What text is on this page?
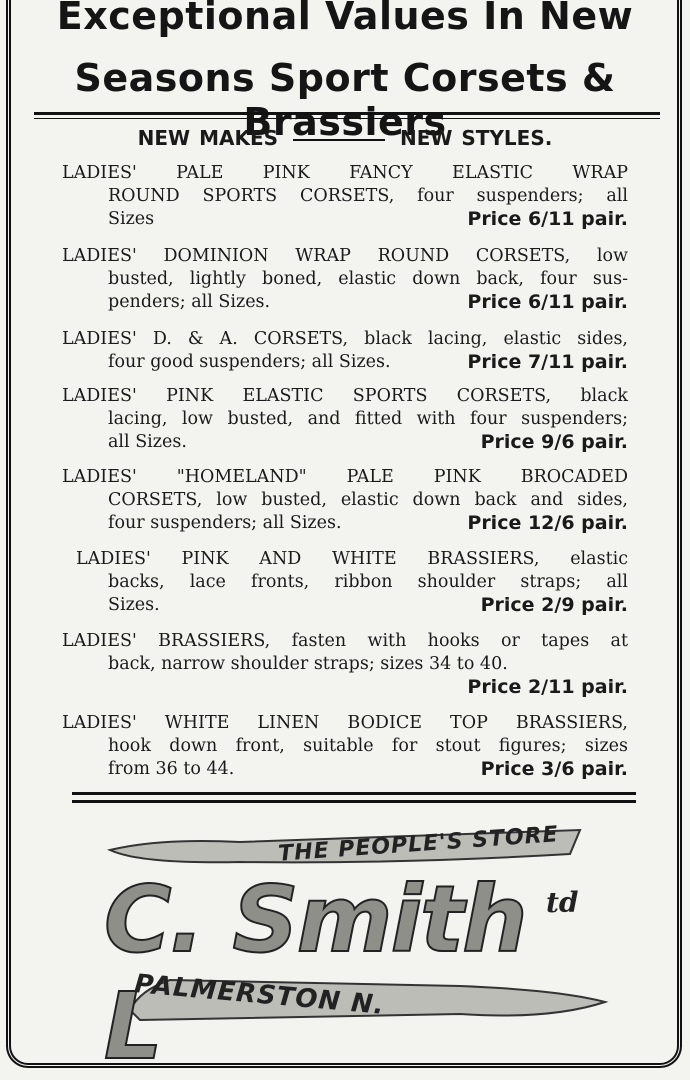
Exceptional Values In New
Seasons Sport Corsets & Brassiers
NEW MAKES	NEW STYLES.
LADIES' PALE PINK FANCY ELASTIC WRAP
ROUND SPORTS CORSETS, four suspenders; all
Sizes	Price 6/11 pair.
LADIES' DOMINION WRAP ROUND CORSETS, low
busted, lightly boned, elastic down back, four sus-
penders; all Sizes.	Price 6/11 pair.
LADIES' D. & A. CORSETS, black lacing, elastic sides,
four good suspenders; all Sizes.	Price 7/11 pair.
LADIES' PINK ELASTIC SPORTS CORSETS, black
lacing, low busted, and fitted with four suspenders;
all Sizes.	Price 9/6 pair.
LADIES' "HOMELAND" PALE PINK BROCADED
CORSETS, low busted, elastic down back and sides,
four suspenders; all Sizes.	Price 12/6 pair.
LADIES' PINK AND WHITE BRASSIERS, elastic
backs, lace fronts, ribbon shoulder straps; all
Sizes.	Price 2/9 pair.
LADIES' BRASSIERS, fasten with hooks or tapes at
back, narrow shoulder straps; sizes 34 to 40.
Price 2/11 pair.
LADIES' WHITE LINEN BODICE TOP BRASSIERS,
hook down front, suitable for stout figures; sizes
from 36 to 44.	Price 3/6 pair.
THE PEOPLE'S STORE
C. Smith L
td
PALMERSTON N.
